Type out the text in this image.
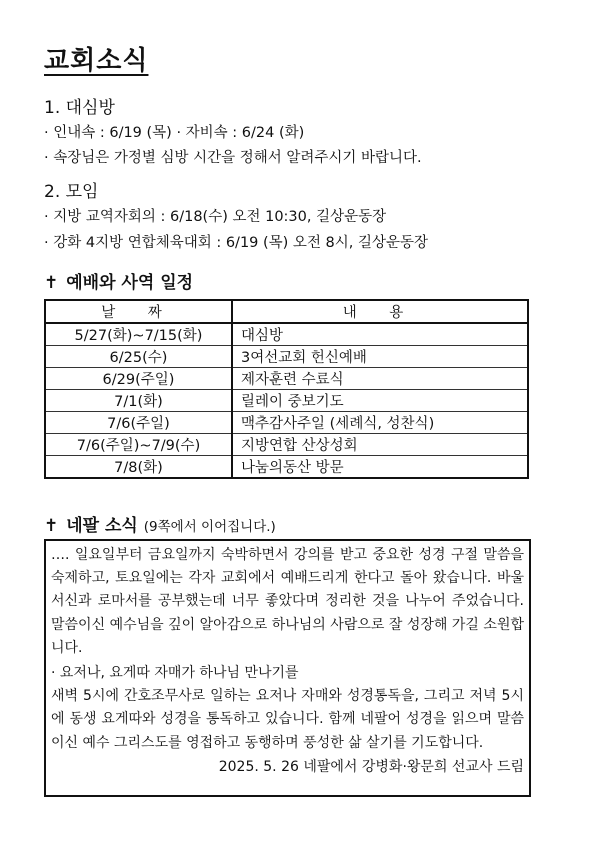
교회소식
1. 대심방
· 인내속 : 6/19 (목) · 자비속 : 6/24 (화)
· 속장님은 가정별 심방 시간을 정해서 알려주시기 바랍니다.
2. 모임
· 지방 교역자회의 : 6/18(수) 오전 10:30, 길상운동장
· 강화 4지방 연합체육대회 : 6/19 (목) 오전 8시, 길상운동장
✝ 예배와 사역 일정
날 짜	내 용
5/27(화)~7/15(화)	대심방
6/25(수)	3여선교회 헌신예배
6/29(주일)	제자훈련 수료식
7/1(화)	릴레이 중보기도
7/6(주일)	맥추감사주일 (세례식, 성찬식)
7/6(주일)~7/9(수)	지방연합 산상성회
7/8(화)	나눔의동산 방문
✝ 네팔 소식 (9쪽에서 이어집니다.)

…. 일요일부터 금요일까지 숙박하면서 강의를 받고 중요한 성경 구절 말씀을 숙제하고, 토요일에는 각자 교회에서 예배드리게 한다고 돌아 왔습니다. 바울 서신과 로마서를 공부했는데 너무 좋았다며 정리한 것을 나누어 주었습니다. 말씀이신 예수님을 깊이 알아감으로 하나님의 사람으로 잘 성장해 가길 소원합니다.

· 요저나, 요게따 자매가 하나님 만나기를

새벽 5시에 간호조무사로 일하는 요저나 자매와 성경통독을, 그리고 저녁 5시에 동생 요게따와 성경을 통독하고 있습니다. 함께 네팔어 성경을 읽으며 말씀이신 예수 그리스도를 영접하고 동행하며 풍성한 삶 살기를 기도합니다.

2025. 5. 26 네팔에서 강병화·왕문희 선교사 드림
